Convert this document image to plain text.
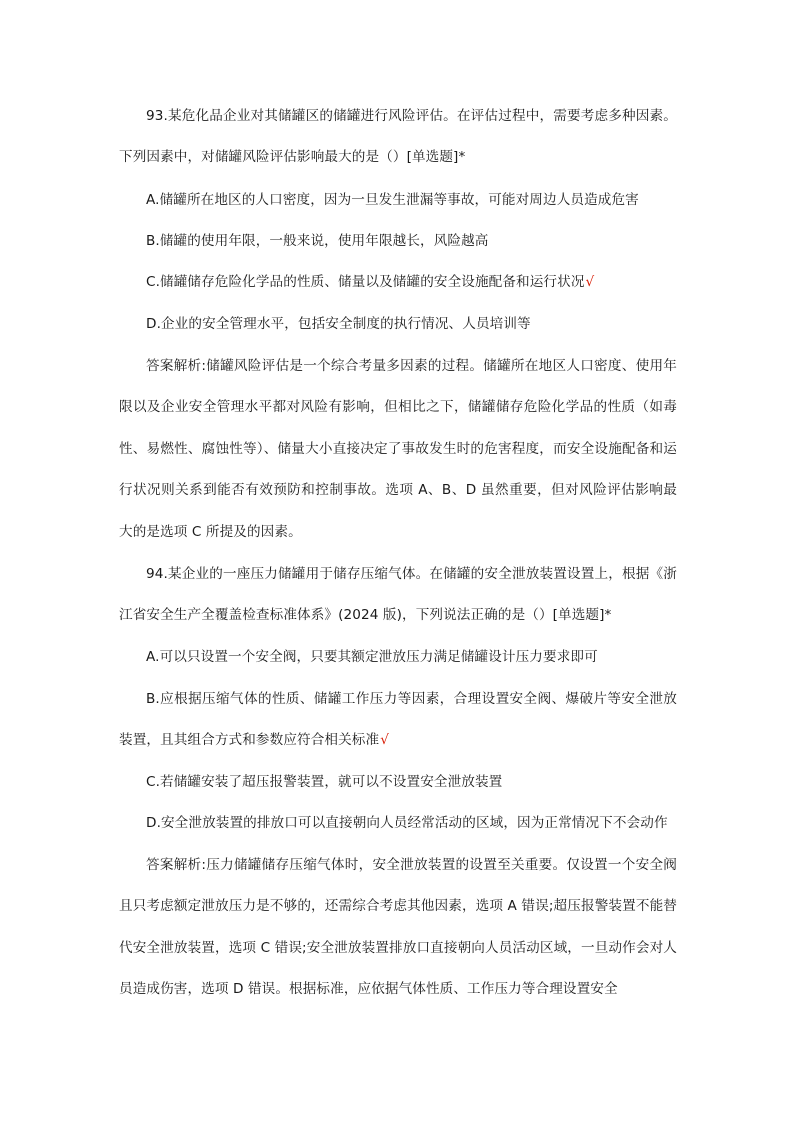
93.某危化品企业对其储罐区的储罐进行风险评估。在评估过程中，需要考虑多种因素。下列因素中，对储罐风险评估影响最大的是（）[单选题]*

A.储罐所在地区的人口密度，因为一旦发生泄漏等事故，可能对周边人员造成危害

B.储罐的使用年限，一般来说，使用年限越长，风险越高

C.储罐储存危险化学品的性质、储量以及储罐的安全设施配备和运行状况√

D.企业的安全管理水平，包括安全制度的执行情况、人员培训等

答案解析:储罐风险评估是一个综合考量多因素的过程。储罐所在地区人口密度、使用年限以及企业安全管理水平都对风险有影响，但相比之下，储罐储存危险化学品的性质（如毒性、易燃性、腐蚀性等）、储量大小直接决定了事故发生时的危害程度，而安全设施配备和运行状况则关系到能否有效预防和控制事故。选项 A、B、D 虽然重要，但对风险评估影响最大的是选项 C 所提及的因素。

94.某企业的一座压力储罐用于储存压缩气体。在储罐的安全泄放装置设置上，根据《浙江省安全生产全覆盖检查标准体系》(2024 版)，下列说法正确的是（）[单选题]*

A.可以只设置一个安全阀，只要其额定泄放压力满足储罐设计压力要求即可

B.应根据压缩气体的性质、储罐工作压力等因素，合理设置安全阀、爆破片等安全泄放装置，且其组合方式和参数应符合相关标准√

C.若储罐安装了超压报警装置，就可以不设置安全泄放装置

D.安全泄放装置的排放口可以直接朝向人员经常活动的区域，因为正常情况下不会动作

答案解析:压力储罐储存压缩气体时，安全泄放装置的设置至关重要。仅设置一个安全阀且只考虑额定泄放压力是不够的，还需综合考虑其他因素，选项 A 错误;超压报警装置不能替代安全泄放装置，选项 C 错误;安全泄放装置排放口直接朝向人员活动区域，一旦动作会对人员造成伤害，选项 D 错误。根据标准，应依据气体性质、工作压力等合理设置安全
